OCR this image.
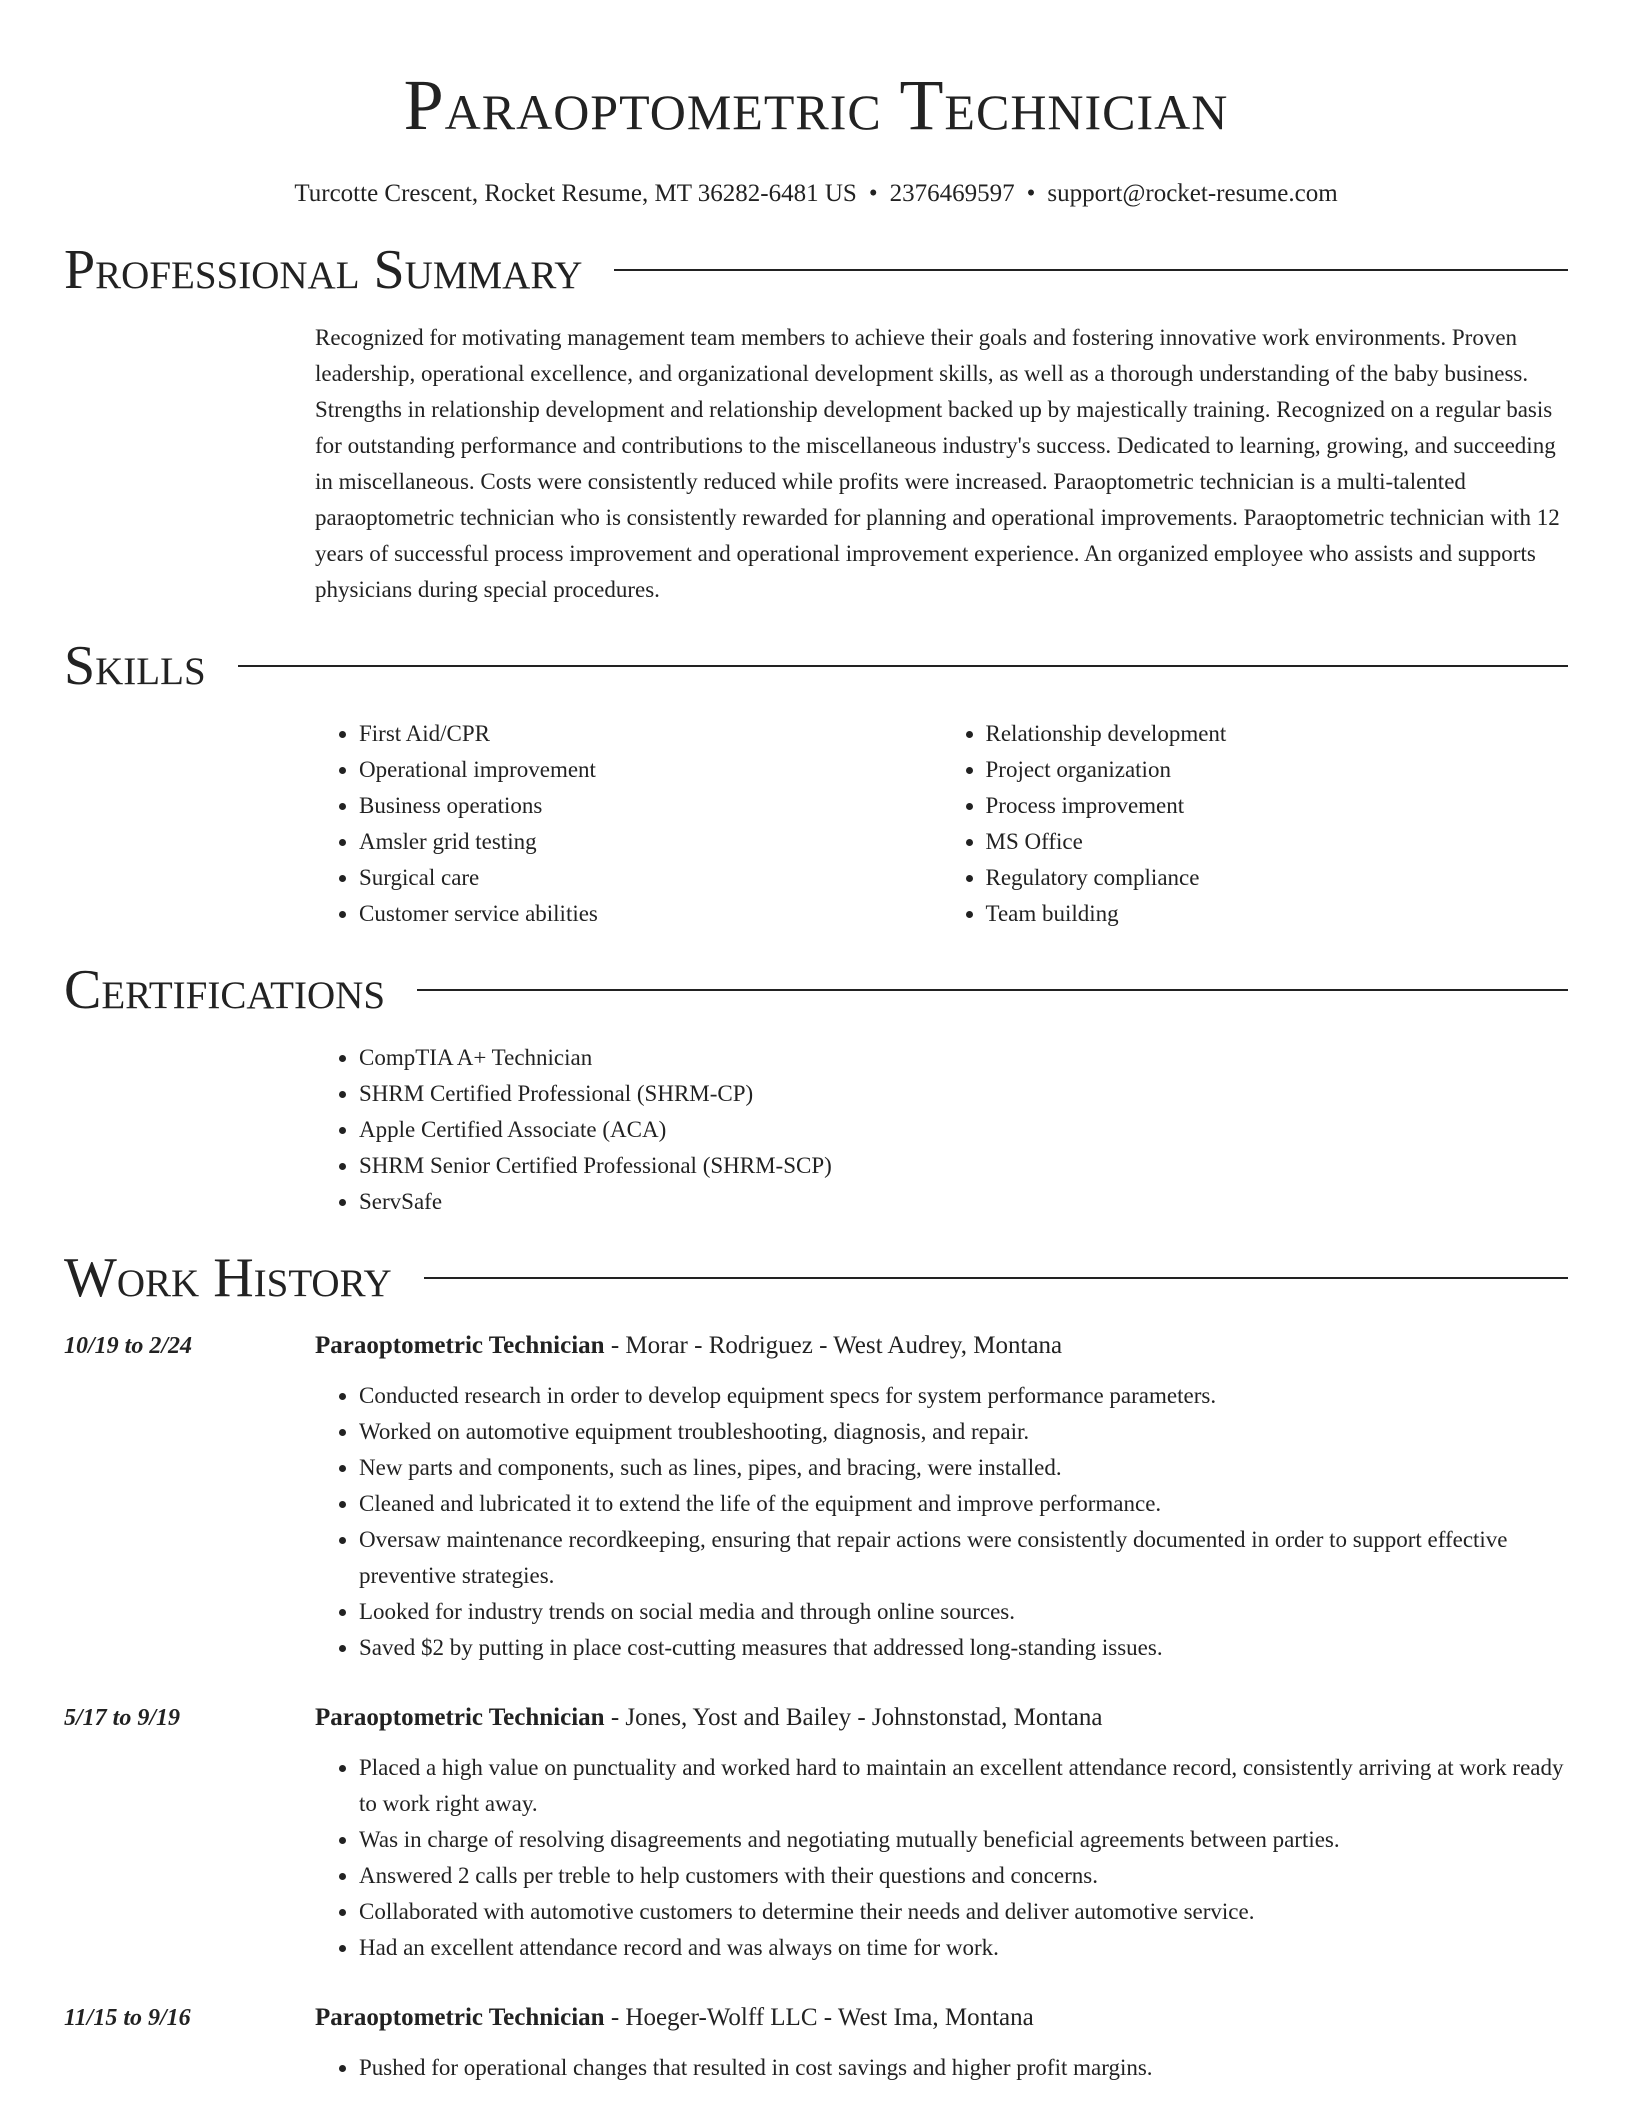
Paraoptometric Technician
Turcotte Crescent, Rocket Resume, MT 36282-6481 US • 2376469597 • support@rocket-resume.com
Professional Summary

Recognized for motivating management team members to achieve their goals and fostering innovative work environments. Proven leadership, operational excellence, and organizational development skills, as well as a thorough understanding of the baby business. Strengths in relationship development and relationship development backed up by majestically training. Recognized on a regular basis for outstanding performance and contributions to the miscellaneous industry's success. Dedicated to learning, growing, and succeeding in miscellaneous. Costs were consistently reduced while profits were increased. Paraoptometric technician is a multi-talented paraoptometric technician who is consistently rewarded for planning and operational improvements. Paraoptometric technician with 12 years of successful process improvement and operational improvement experience. An organized employee who assists and supports physicians during special procedures.

Skills
• First Aid/CPR
• Operational improvement
• Business operations
• Amsler grid testing
• Surgical care
• Customer service abilities
• Relationship development
• Project organization
• Process improvement
• MS Office
• Regulatory compliance
• Team building
Certifications
• CompTIA A+ Technician
• SHRM Certified Professional (SHRM-CP)
• Apple Certified Associate (ACA)
• SHRM Senior Certified Professional (SHRM-SCP)
• ServSafe
Work History
10/19 to 2/24	Paraoptometric Technician - Morar - Rodriguez - West Audrey, Montana
• Conducted research in order to develop equipment specs for system performance parameters.
• Worked on automotive equipment troubleshooting, diagnosis, and repair.
• New parts and components, such as lines, pipes, and bracing, were installed.
• Cleaned and lubricated it to extend the life of the equipment and improve performance.
• Oversaw maintenance recordkeeping, ensuring that repair actions were consistently documented in order to support effective preventive strategies.
• Looked for industry trends on social media and through online sources.
• Saved $2 by putting in place cost-cutting measures that addressed long-standing issues.
5/17 to 9/19	Paraoptometric Technician - Jones, Yost and Bailey - Johnstonstad, Montana
• Placed a high value on punctuality and worked hard to maintain an excellent attendance record, consistently arriving at work ready to work right away.
• Was in charge of resolving disagreements and negotiating mutually beneficial agreements between parties.
• Answered 2 calls per treble to help customers with their questions and concerns.
• Collaborated with automotive customers to determine their needs and deliver automotive service.
• Had an excellent attendance record and was always on time for work.
11/15 to 9/16	Paraoptometric Technician - Hoeger-Wolff LLC - West Ima, Montana
• Pushed for operational changes that resulted in cost savings and higher profit margins.
